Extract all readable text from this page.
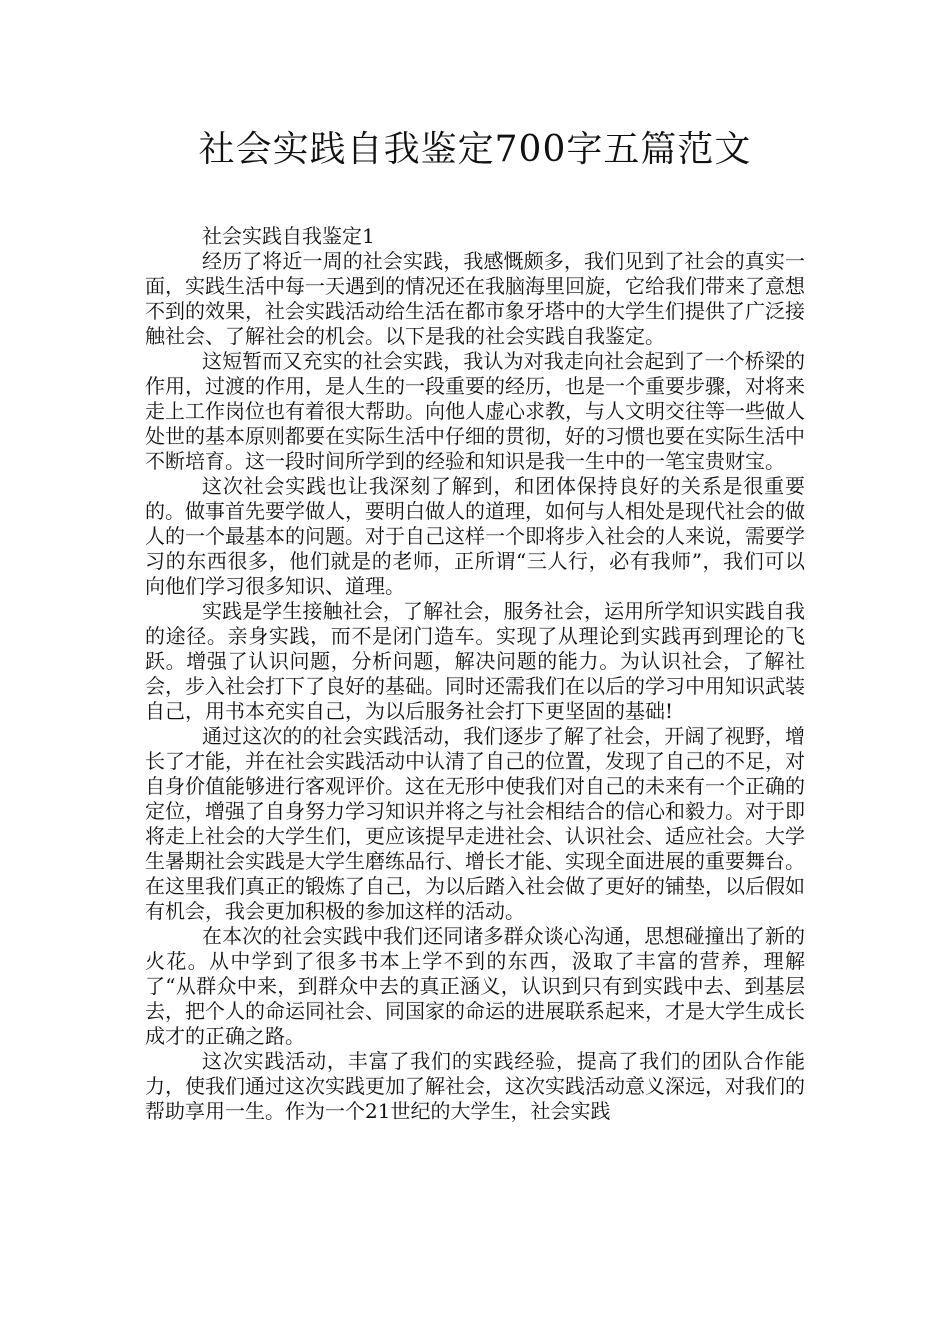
社会实践自我鉴定700字五篇范文

社会实践自我鉴定1

经历了将近一周的社会实践，我感慨颇多，我们见到了社会的真实一面，实践生活中每一天遇到的情况还在我脑海里回旋，它给我们带来了意想不到的效果，社会实践活动给生活在都市象牙塔中的大学生们提供了广泛接触社会、了解社会的机会。以下是我的社会实践自我鉴定。

这短暂而又充实的社会实践，我认为对我走向社会起到了一个桥梁的作用，过渡的作用，是人生的一段重要的经历，也是一个重要步骤，对将来走上工作岗位也有着很大帮助。向他人虚心求教，与人文明交往等一些做人处世的基本原则都要在实际生活中仔细的贯彻，好的习惯也要在实际生活中不断培育。这一段时间所学到的经验和知识是我一生中的一笔宝贵财宝。

这次社会实践也让我深刻了解到，和团体保持良好的关系是很重要的。做事首先要学做人，要明白做人的道理，如何与人相处是现代社会的做人的一个最基本的问题。对于自己这样一个即将步入社会的人来说，需要学习的东西很多，他们就是的老师，正所谓“三人行，必有我师”，我们可以向他们学习很多知识、道理。

实践是学生接触社会，了解社会，服务社会，运用所学知识实践自我的途径。亲身实践，而不是闭门造车。实现了从理论到实践再到理论的飞跃。增强了认识问题，分析问题，解决问题的能力。为认识社会，了解社会，步入社会打下了良好的基础。同时还需我们在以后的学习中用知识武装自己，用书本充实自己，为以后服务社会打下更坚固的基础!

通过这次的的社会实践活动，我们逐步了解了社会，开阔了视野，增长了才能，并在社会实践活动中认清了自己的位置，发现了自己的不足，对自身价值能够进行客观评价。这在无形中使我们对自己的未来有一个正确的定位，增强了自身努力学习知识并将之与社会相结合的信心和毅力。对于即将走上社会的大学生们，更应该提早走进社会、认识社会、适应社会。大学生暑期社会实践是大学生磨练品行、增长才能、实现全面进展的重要舞台。在这里我们真正的锻炼了自己，为以后踏入社会做了更好的铺垫，以后假如有机会，我会更加积极的参加这样的活动。

在本次的社会实践中我们还同诸多群众谈心沟通，思想碰撞出了新的火花。从中学到了很多书本上学不到的东西，汲取了丰富的营养，理解了“从群众中来，到群众中去的真正涵义，认识到只有到实践中去、到基层去，把个人的命运同社会、同国家的命运的进展联系起来，才是大学生成长成才的正确之路。

这次实践活动，丰富了我们的实践经验，提高了我们的团队合作能力，使我们通过这次实践更加了解社会，这次实践活动意义深远，对我们的帮助享用一生。作为一个21世纪的大学生，社会实践
